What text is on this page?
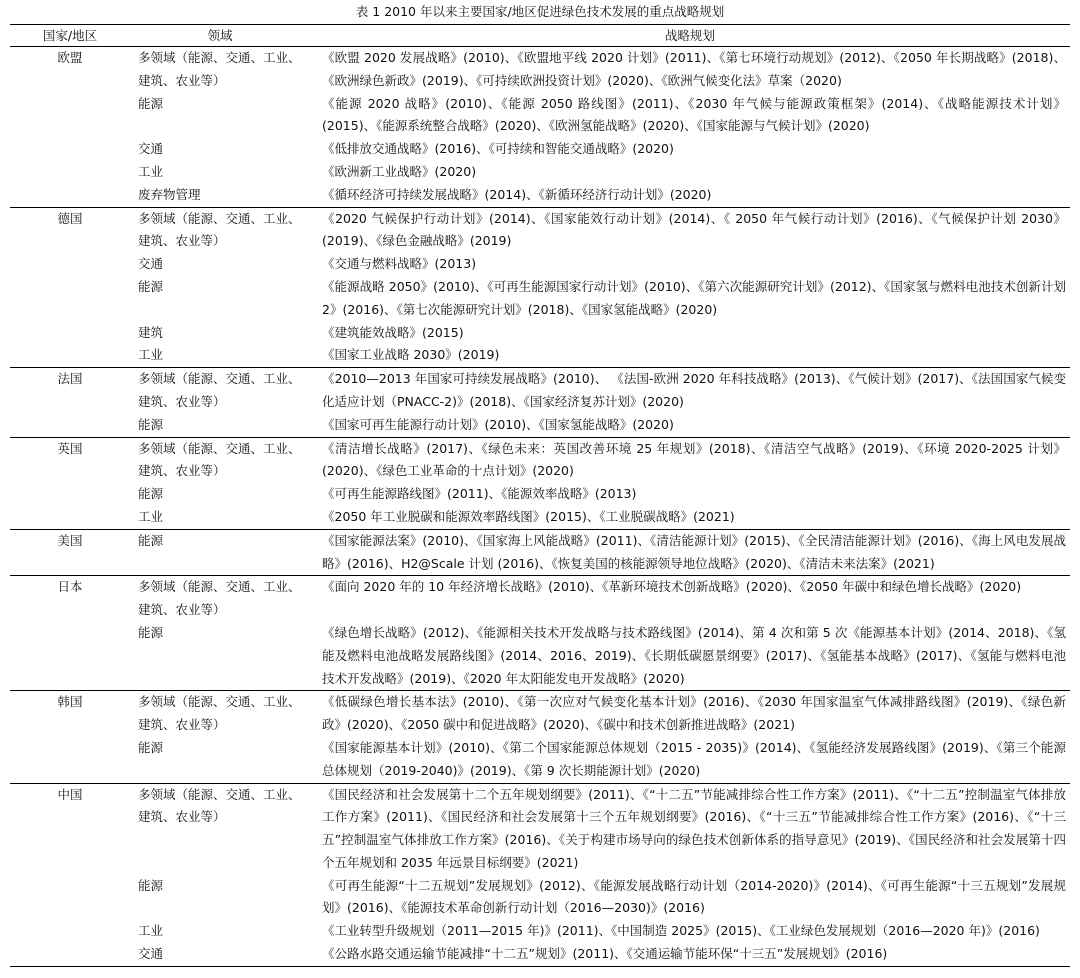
表 1 2010 年以来主要国家/地区促进绿色技术发展的重点战略规划
国家/地区	领域	战略规划
欧盟	多领域（能源、交通、工业、建筑、农业等）	《欧盟 2020 发展战略》(2010)、《欧盟地平线 2020 计划》(2011)、《第七环境行动规划》(2012)、《2050 年长期战略》(2018)、《欧洲绿色新政》(2019)、《可持续欧洲投资计划》(2020)、《欧洲气候变化法》草案（2020)
	能源	《能源 2020 战略》(2010)、《能源 2050 路线图》(2011)、《2030 年气候与能源政策框架》(2014)、《战略能源技术计划》(2015)、《能源系统整合战略》(2020)、《欧洲氢能战略》(2020)、《国家能源与气候计划》(2020)
	交通	《低排放交通战略》(2016)、《可持续和智能交通战略》(2020)
	工业	《欧洲新工业战略》(2020)
	废弃物管理	《循环经济可持续发展战略》(2014)、《新循环经济行动计划》(2020)
德国	多领域（能源、交通、工业、建筑、农业等）	《2020 气候保护行动计划》(2014)、《国家能效行动计划》(2014)、《 2050 年气候行动计划》(2016)、《气候保护计划 2030》(2019)、《绿色金融战略》(2019)
	交通	《交通与燃料战略》(2013)
	能源	《能源战略 2050》(2010)、《可再生能源国家行动计划》(2010)、《第六次能源研究计划》(2012)、《国家氢与燃料电池技术创新计划 2》(2016)、《第七次能源研究计划》(2018)、《国家氢能战略》(2020)
	建筑	《建筑能效战略》(2015)
	工业	《国家工业战略 2030》(2019)
法国	多领域（能源、交通、工业、建筑、农业等）	《2010—2013 年国家可持续发展战略》(2010)、 《法国-欧洲 2020 年科技战略》(2013)、《气候计划》(2017)、《法国国家气候变化适应计划（PNACC-2)》(2018)、《国家经济复苏计划》(2020)
	能源	《国家可再生能源行动计划》(2010)、《国家氢能战略》(2020)
英国	多领域（能源、交通、工业、建筑、农业等）	《清洁增长战略》(2017)、《绿色未来：英国改善环境 25 年规划》(2018)、《清洁空气战略》(2019)、《环境 2020-2025 计划》(2020)、《绿色工业革命的十点计划》(2020)
	能源	《可再生能源路线图》(2011)、《能源效率战略》(2013)
	工业	《2050 年工业脱碳和能源效率路线图》(2015)、《工业脱碳战略》(2021)
美国	能源	《国家能源法案》(2010)、《国家海上风能战略》(2011)、《清洁能源计划》(2015)、《全民清洁能源计划》(2016)、《海上风电发展战略》(2016)、H2@Scale 计划 (2016)、《恢复美国的核能源领导地位战略》(2020)、《清洁未来法案》(2021)
日本	多领域（能源、交通、工业、建筑、农业等）	《面向 2020 年的 10 年经济增长战略》(2010)、《革新环境技术创新战略》(2020)、《2050 年碳中和绿色增长战略》(2020)
	能源	《绿色增长战略》(2012)、《能源相关技术开发战略与技术路线图》(2014)、第 4 次和第 5 次《能源基本计划》(2014、2018)、《氢能及燃料电池战略发展路线图》(2014、2016、2019)、《长期低碳愿景纲要》(2017)、《氢能基本战略》(2017)、《氢能与燃料电池技术开发战略》(2019)、《2020 年太阳能发电开发战略》(2020)
韩国	多领域（能源、交通、工业、建筑、农业等）	《低碳绿色增长基本法》(2010)、《第一次应对气候变化基本计划》(2016)、《2030 年国家温室气体减排路线图》(2019)、《绿色新政》(2020)、《2050 碳中和促进战略》(2020)、《碳中和技术创新推进战略》(2021)
	能源	《国家能源基本计划》(2010)、《第二个国家能源总体规划（2015 - 2035)》(2014)、《氢能经济发展路线图》(2019)、《第三个能源总体规划（2019-2040)》(2019)、《第 9 次长期能源计划》(2020)
中国	多领域（能源、交通、工业、建筑、农业等）	《国民经济和社会发展第十二个五年规划纲要》(2011)、《“十二五”节能减排综合性工作方案》(2011)、《“十二五”控制温室气体排放工作方案》(2011)、《国民经济和社会发展第十三个五年规划纲要》(2016)、《“十三五”节能减排综合性工作方案》(2016)、《“十三五”控制温室气体排放工作方案》(2016)、《关于构建市场导向的绿色技术创新体系的指导意见》(2019)、《国民经济和社会发展第十四个五年规划和 2035 年远景目标纲要》(2021)
	能源	《可再生能源“十二五规划”发展规划》(2012)、《能源发展战略行动计划（2014-2020)》(2014)、《可再生能源“十三五规划”发展规划》(2016)、《能源技术革命创新行动计划（2016—2030)》(2016)
	工业	《工业转型升级规划（2011—2015 年)》(2011)、《中国制造 2025》(2015)、《工业绿色发展规划（2016—2020 年)》(2016)
	交通	《公路水路交通运输节能减排“十二五”规划》(2011)、《交通运输节能环保“十三五”发展规划》(2016)
